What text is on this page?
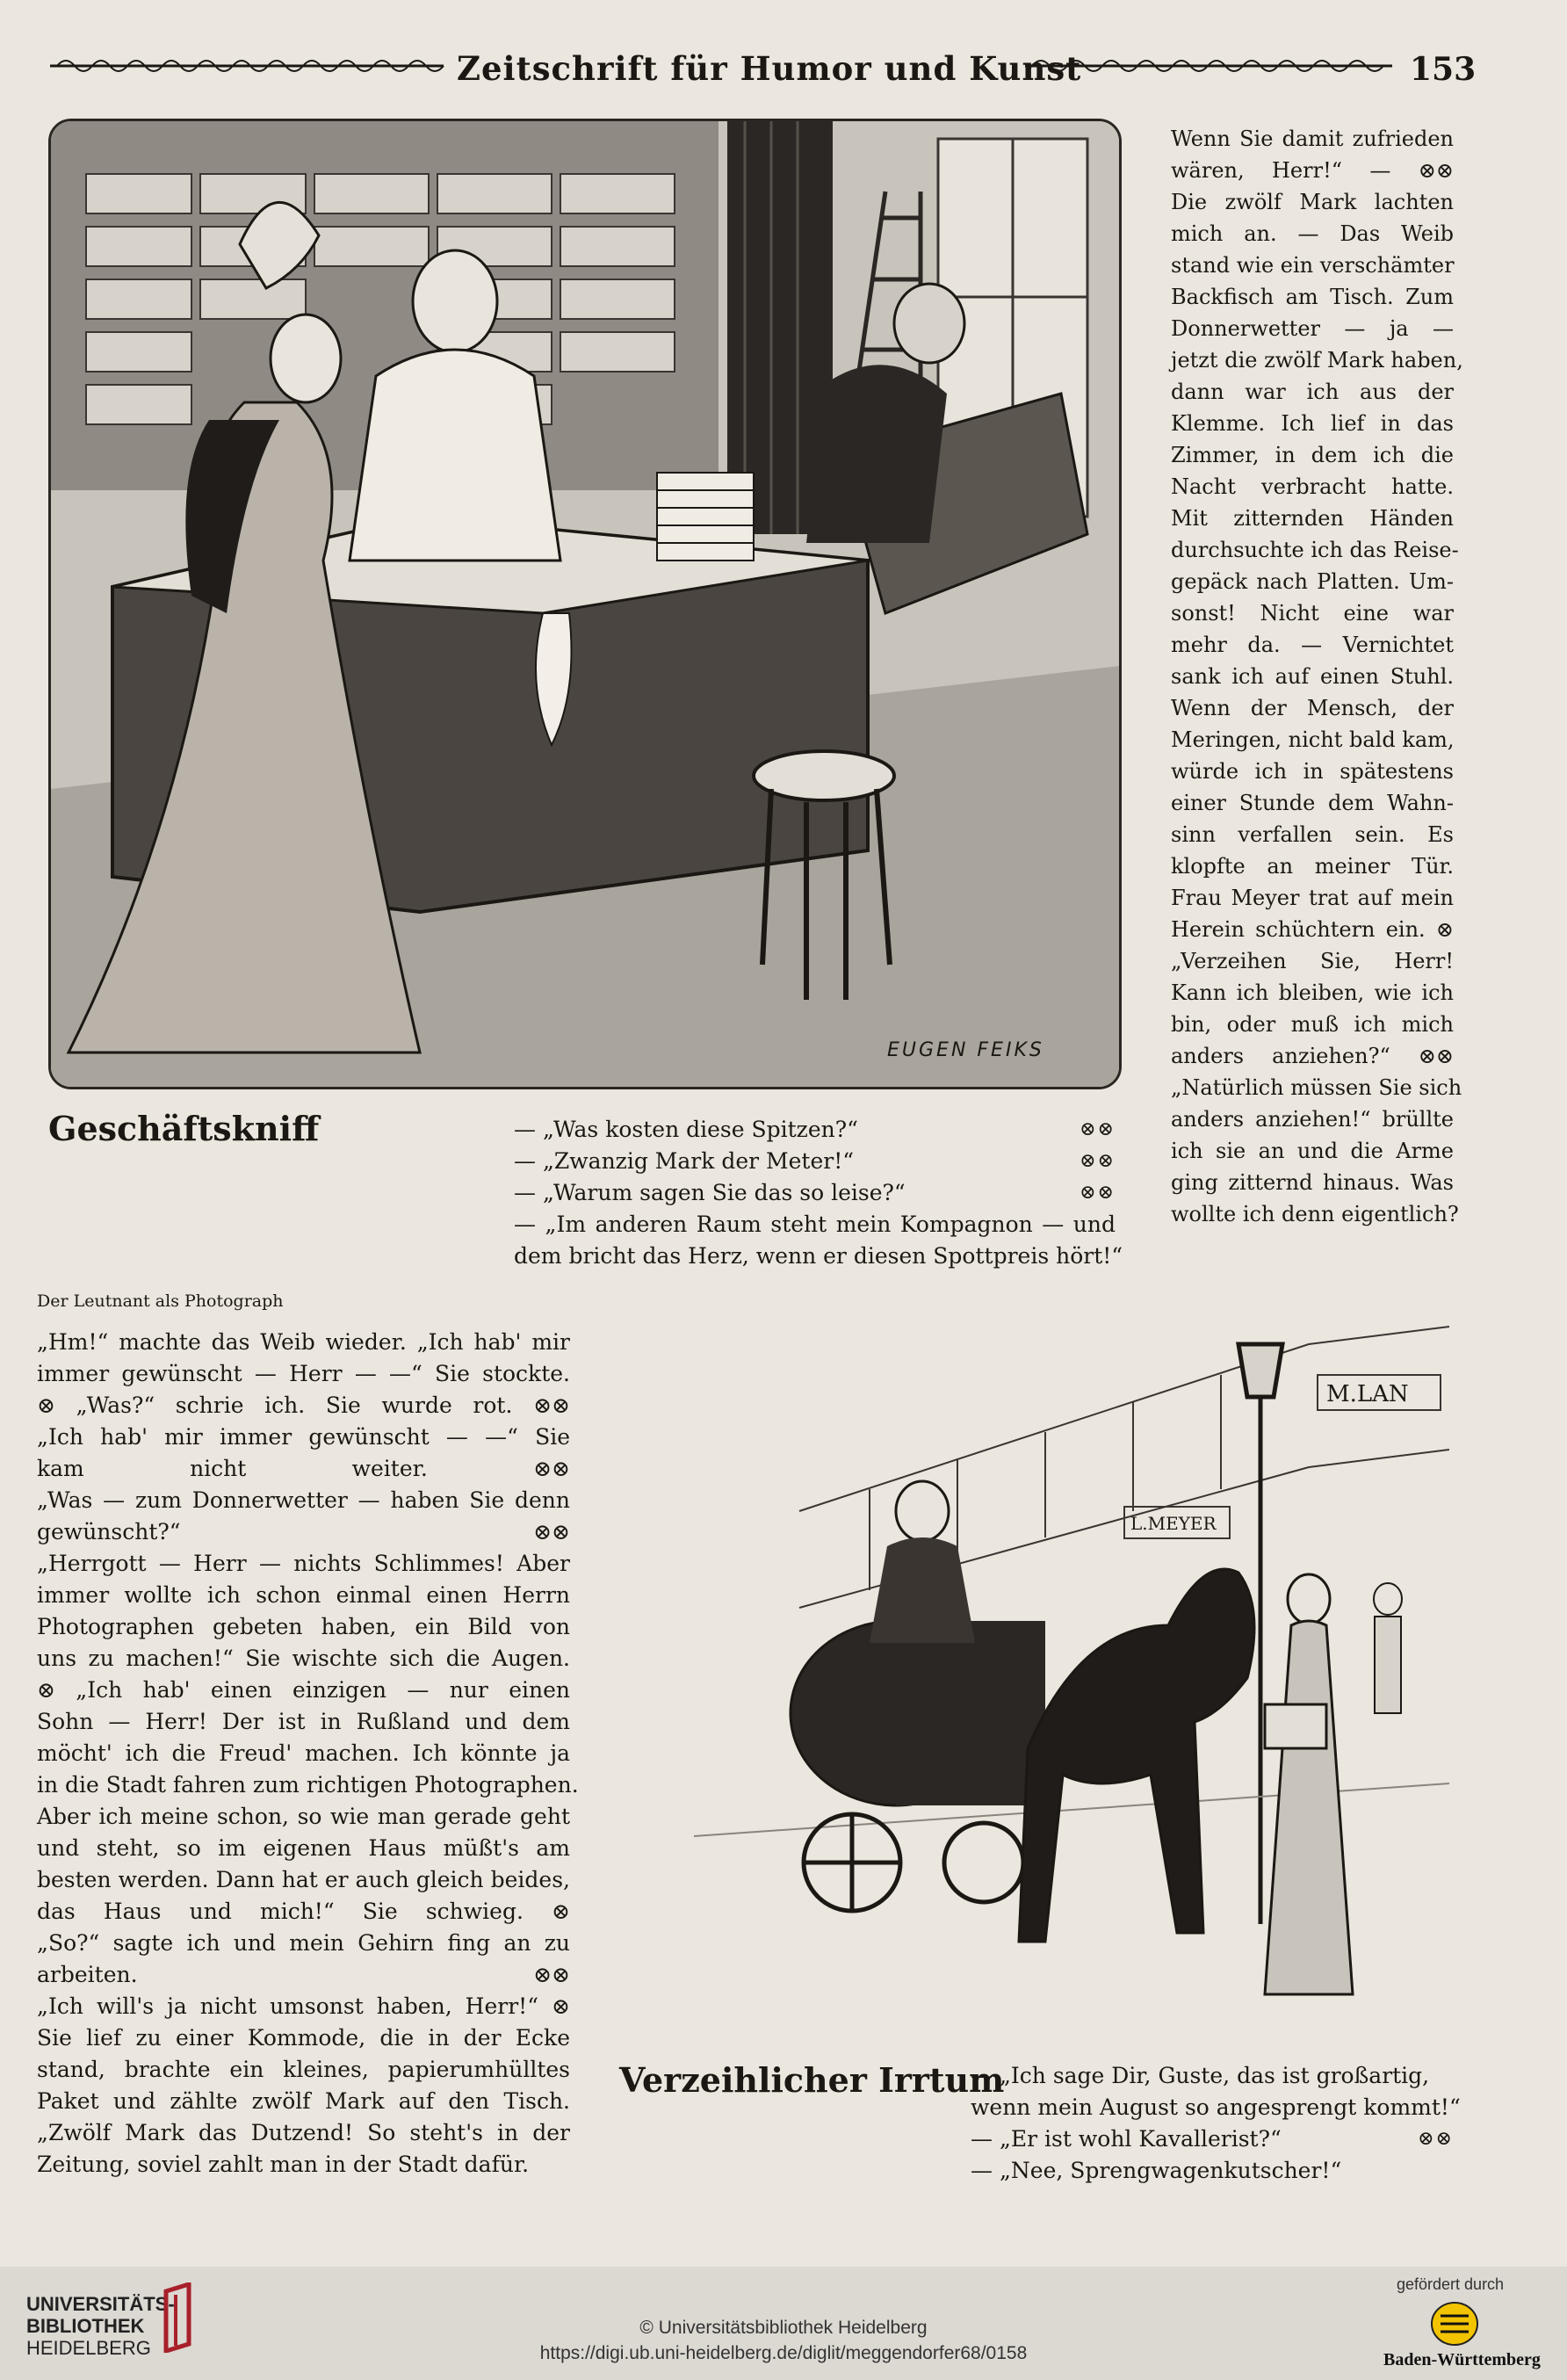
Zeitschrift für Humor und Kunst	153
EUGEN FEIKS
Geschäftskniff	— „Was kosten diese Spitzen?“	⊗⊗
— „Zwanzig Mark der Meter!“	⊗⊗
— „Warum sagen Sie das so leise?“	⊗⊗
— „Im anderen Raum steht mein Kompagnon — und
dem bricht das Herz, wenn er diesen Spottpreis hört!“
Wenn Sie damit zufrieden
wären, Herr!“ — ⊗⊗
Die zwölf Mark lachten
mich an. — Das Weib
stand wie ein verschämter
Backfisch am Tisch. Zum
Donnerwetter — ja —
jetzt die zwölf Mark haben,
dann war ich aus der
Klemme. Ich lief in das
Zimmer, in dem ich die
Nacht verbracht hatte.
Mit zitternden Händen
durchsuchte ich das Reise-
gepäck nach Platten. Um-
sonst! Nicht eine war
mehr da. — Vernichtet
sank ich auf einen Stuhl.
Wenn der Mensch, der
Meringen, nicht bald kam,
würde ich in spätestens
einer Stunde dem Wahn-
sinn verfallen sein. Es
klopfte an meiner Tür.
Frau Meyer trat auf mein
Herein schüchtern ein. ⊗
„Verzeihen Sie, Herr!
Kann ich bleiben, wie ich
bin, oder muß ich mich
anders anziehen?“ ⊗⊗
„Natürlich müssen Sie sich
anders anziehen!“ brüllte
ich sie an und die Arme
ging zitternd hinaus. Was
wollte ich denn eigentlich?
Der Leutnant als Photograph
„Hm!“ machte das Weib wieder. „Ich hab' mir
immer gewünscht — Herr — —“ Sie stockte.
⊗ „Was?“ schrie ich. Sie wurde rot. ⊗⊗
„Ich hab' mir immer gewünscht — —“ Sie
kam nicht weiter. ⊗⊗
„Was — zum Donnerwetter — haben Sie denn
gewünscht?“ ⊗⊗
„Herrgott — Herr — nichts Schlimmes! Aber
immer wollte ich schon einmal einen Herrn
Photographen gebeten haben, ein Bild von
uns zu machen!“ Sie wischte sich die Augen.
⊗ „Ich hab' einen einzigen — nur einen
Sohn — Herr! Der ist in Rußland und dem
möcht' ich die Freud' machen. Ich könnte ja
in die Stadt fahren zum richtigen Photographen.
Aber ich meine schon, so wie man gerade geht
und steht, so im eigenen Haus müßt's am
besten werden. Dann hat er auch gleich beides,
das Haus und mich!“ Sie schwieg. ⊗
„So?“ sagte ich und mein Gehirn fing an zu
arbeiten. ⊗⊗
„Ich will's ja nicht umsonst haben, Herr!“ ⊗
Sie lief zu einer Kommode, die in der Ecke
stand, brachte ein kleines, papierumhülltes
Paket und zählte zwölf Mark auf den Tisch.
„Zwölf Mark das Dutzend! So steht's in der
Zeitung, soviel zahlt man in der Stadt dafür.
M.LAN
L.MEYER
Verzeihlicher Irrtum
— „Ich sage Dir, Guste, das ist großartig,
wenn mein August so angesprengt kommt!“
— „Er ist wohl Kavallerist?“	⊗⊗
— „Nee, Sprengwagenkutscher!“
UNIVERSITÄTS-
BIBLIOTHEK
HEIDELBERG
© Universitätsbibliothek Heidelberg
https://digi.ub.uni-heidelberg.de/diglit/meggendorfer68/0158
gefördert durch
Baden-Württemberg
